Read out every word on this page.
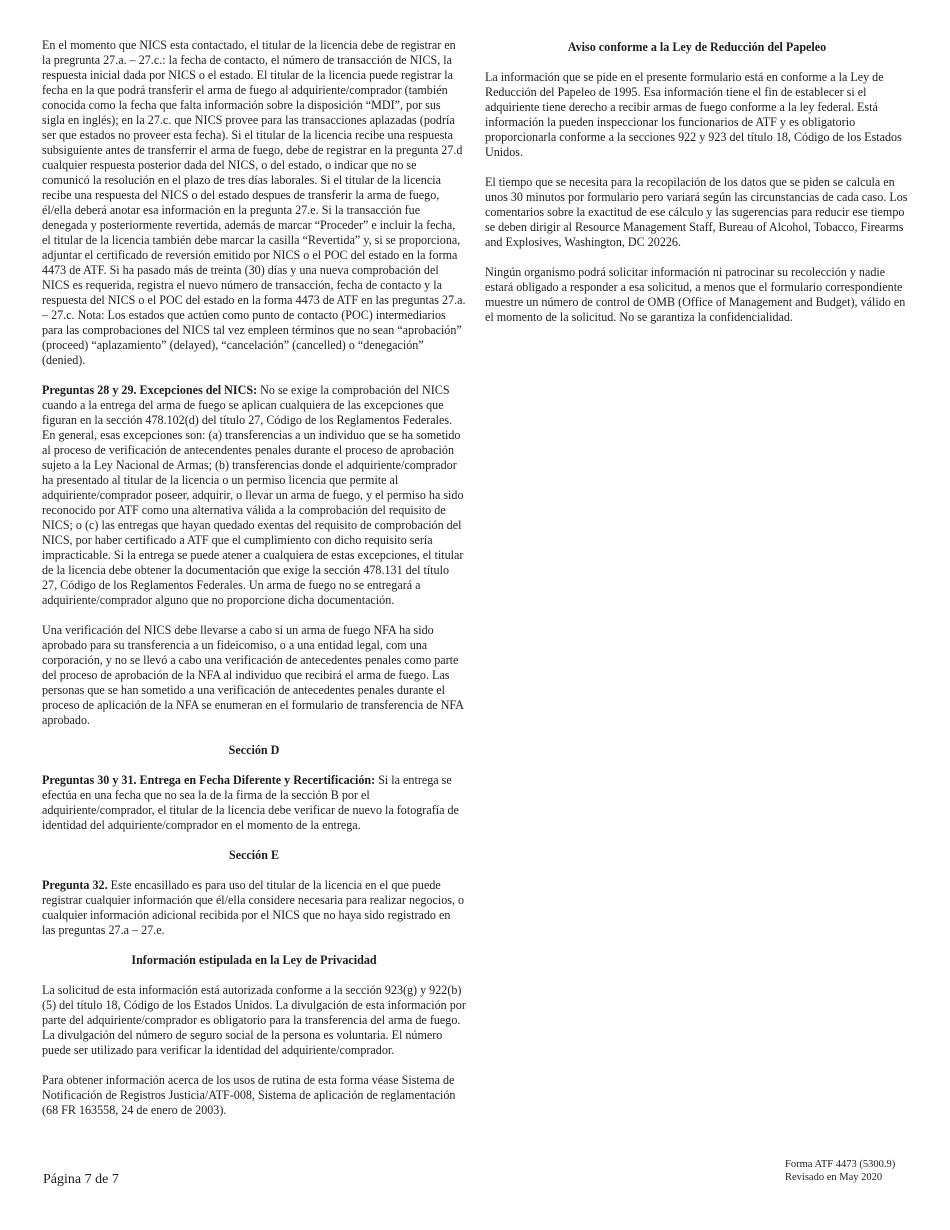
En el momento que NICS esta contactado, el titular de la licencia debe de registrar en la pregrunta 27.a. – 27.c.: la fecha de contacto, el número de transacción de NICS, la respuesta inicial dada por NICS o el estado. El titular de la licencia puede registrar la fecha en la que podrá transferir el arma de fuego al adquiriente/comprador (también conocida como la fecha que falta información sobre la disposición “MDI”, por sus sigla en inglés); en la 27.c. que NICS provee para las transacciones aplazadas (podría ser que estados no proveer esta fecha). Si el titular de la licencia recibe una respuesta subsiguiente antes de transferrir el arma de fuego, debe de registrar en la pregunta 27.d cualquier respuesta posterior dada del NICS, o del estado, o indicar que no se comunicó la resolución en el plazo de tres días laborales. Si el titular de la licencia recibe una respuesta del NICS o del estado despues de transferir la arma de fuego, él/ella deberá anotar esa información en la pregunta 27.e. Si la transacción fue denegada y posteriormente revertida, además de marcar “Proceder” e incluir la fecha, el titular de la licencia también debe marcar la casilla “Revertida” y, si se proporciona, adjuntar el certificado de reversión emitido por NICS o el POC del estado en la forma 4473 de ATF. Si ha pasado más de treinta (30) días y una nueva comprobación del NICS es requerida, registra el nuevo número de transacción, fecha de contacto y la respuesta del NICS o el POC del estado en la forma 4473 de ATF en las preguntas 27.a. – 27.c. Nota: Los estados que actúen como punto de contacto (POC) intermediarios para las comprobaciones del NICS tal vez empleen términos que no sean “aprobación” (proceed) “aplazamiento” (delayed), “cancelación” (cancelled) o “denegación” (denied).

Preguntas 28 y 29. Excepciones del NICS: No se exige la comprobación del NICS cuando a la entrega del arma de fuego se aplican cualquiera de las excepciones que figuran en la sección 478.102(d) del título 27, Código de los Reglamentos Federales. En general, esas excepciones son: (a) transferencias a un individuo que se ha sometido al proceso de verificación de antecendentes penales durante el proceso de aprobación sujeto a la Ley Nacional de Armas; (b) transferencias donde el adquiriente/comprador ha presentado al titular de la licencia o un permiso licencia que permite al adquiriente/comprador poseer, adquirir, o llevar un arma de fuego, y el permiso ha sido reconocido por ATF como una alternativa válida a la comprobación del requisito de NICS; o (c) las entregas que hayan quedado exentas del requisito de comprobación del NICS, por haber certificado a ATF que el cumplimiento con dicho requisito sería impracticable. Si la entrega se puede atener a cualquiera de estas excepciones, el titular de la licencia debe obtener la documentación que exige la sección 478.131 del título 27, Código de los Reglamentos Federales. Un arma de fuego no se entregará a adquiriente/comprador alguno que no proporcione dicha documentación.

Una verificación del NICS debe llevarse a cabo si un arma de fuego NFA ha sido aprobado para su transferencia a un fideicomiso, o a una entidad legal, com una corporación, y no se llevó a cabo una verificación de antecedentes penales como parte del proceso de aprobación de la NFA al individuo que recibirá el arma de fuego. Las personas que se han sometido a una verificación de antecedentes penales durante el proceso de aplicación de la NFA se enumeran en el formulario de transferencia de NFA aprobado.

Sección D

Preguntas 30 y 31. Entrega en Fecha Diferente y Recertificación: Si la entrega se efectúa en una fecha que no sea la de la firma de la sección B por el adquiriente/comprador, el titular de la licencia debe verificar de nuevo la fotografía de identidad del adquiriente/comprador en el momento de la entrega.

Sección E

Pregunta 32. Este encasillado es para uso del titular de la licencia en el que puede registrar cualquier información que él/ella considere necesaria para realizar negocios, o cualquier información adicional recibida por el NICS que no haya sido registrado en las preguntas 27.a – 27.e.

Información estipulada en la Ley de Privacidad

La solicitud de esta información está autorizada conforme a la sección 923(g) y 922(b)(5) del título 18, Código de los Estados Unidos. La divulgación de esta información por parte del adquiriente/comprador es obligatorio para la transferencia del arma de fuego. La divulgación del número de seguro social de la persona es voluntaria. El número puede ser utilizado para verificar la identidad del adquiriente/comprador.

Para obtener información acerca de los usos de rutina de esta forma véase Sistema de Notificación de Registros Justicia/ATF-008, Sistema de aplicación de reglamentación (68 FR 163558, 24 de enero de 2003).

Aviso conforme a la Ley de Reducción del Papeleo

La información que se pide en el presente formulario está en conforme a la Ley de Reducción del Papeleo de 1995. Esa información tiene el fin de establecer si el adquiriente tiene derecho a recibir armas de fuego conforme a la ley federal. Está información la pueden inspeccionar los funcionarios de ATF y es obligatorio proporcionarla conforme a la secciones 922 y 923 del título 18, Código de los Estados Unidos.

El tiempo que se necesita para la recopilación de los datos que se piden se calcula en unos 30 minutos por formulario pero variará según las circunstancias de cada caso. Los comentarios sobre la exactitud de ese cálculo y las sugerencias para reducir ese tiempo se deben dirigir al Resource Management Staff, Bureau of Alcohol, Tobacco, Firearms and Explosives, Washington, DC 20226.

Ningún organismo podrá solicitar información ni patrocinar su recolección y nadie estará obligado a responder a esa solicitud, a menos que el formulario correspondiente muestre un número de control de OMB (Office of Management and Budget), válido en el momento de la solicitud. No se garantiza la confidencialidad.

Página 7 de 7
Forma ATF 4473 (5300.9)
Revisado en May 2020
